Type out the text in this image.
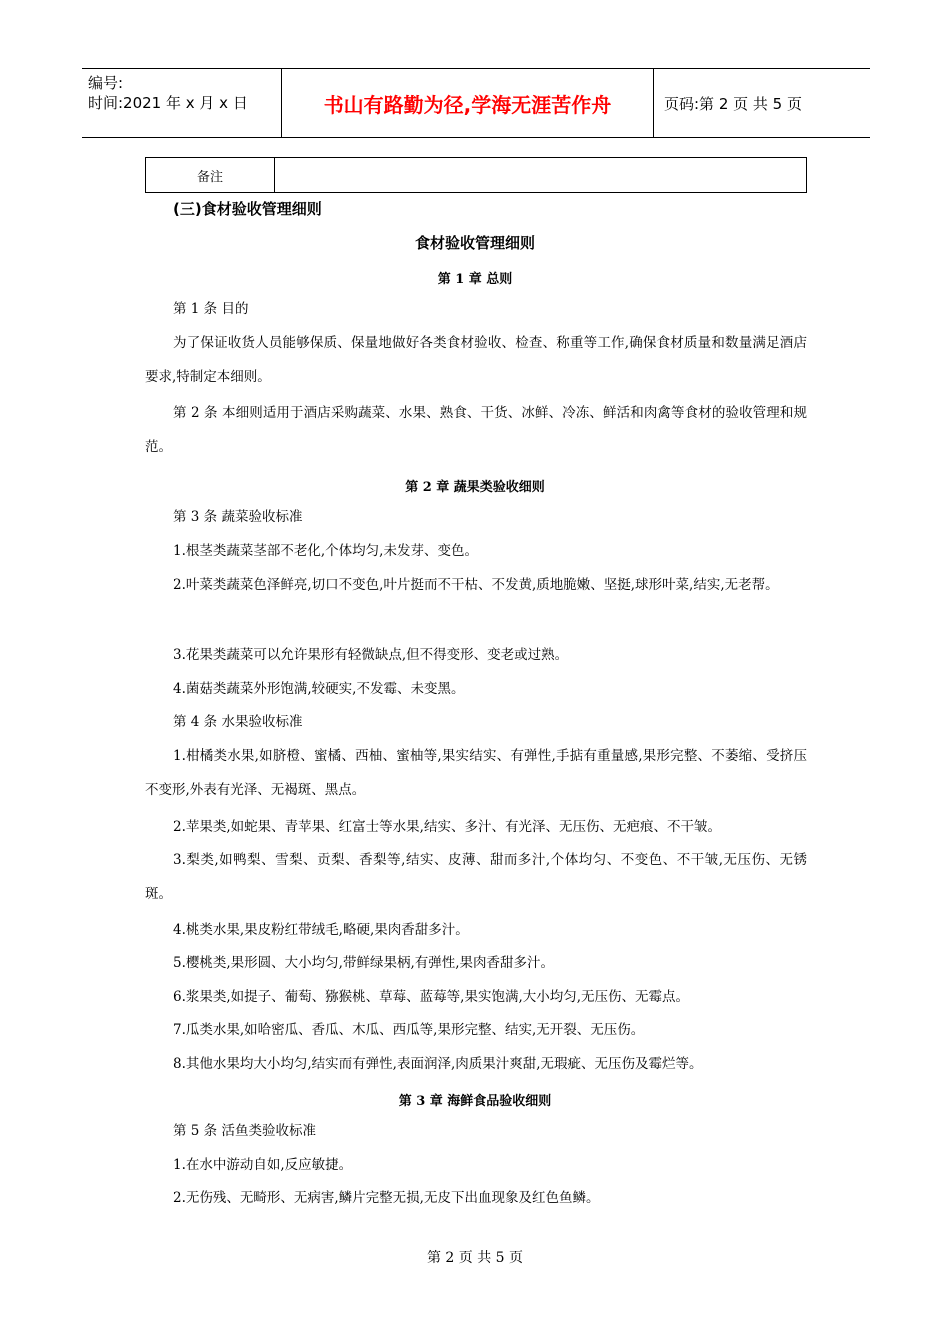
编号:
时间:2021 年 x 月 x 日	书山有路勤为径,学海无涯苦作舟	页码:第 2 页 共 5 页
备注
(三)食材验收管理细则
食材验收管理细则
第 1 章 总则
第 1 条 目的
为了保证收货人员能够保质、保量地做好各类食材验收、检查、称重等工作,确保食材质量和数量满足酒店要求,特制定本细则。
第 2 条 本细则适用于酒店采购蔬菜、水果、熟食、干货、冰鲜、冷冻、鲜活和肉禽等食材的验收管理和规范。
第 2 章 蔬果类验收细则
第 3 条 蔬菜验收标准
1.根茎类蔬菜茎部不老化,个体均匀,未发芽、变色。
2.叶菜类蔬菜色泽鲜亮,切口不变色,叶片挺而不干枯、不发黄,质地脆嫩、坚挺,球形叶菜,结实,无老帮。
3.花果类蔬菜可以允许果形有轻微缺点,但不得变形、变老或过熟。
4.菌菇类蔬菜外形饱满,较硬实,不发霉、未变黑。
第 4 条 水果验收标准
1.柑橘类水果,如脐橙、蜜橘、西柚、蜜柚等,果实结实、有弹性,手掂有重量感,果形完整、不萎缩、受挤压不变形,外表有光泽、无褐斑、黑点。
2.苹果类,如蛇果、青苹果、红富士等水果,结实、多汁、有光泽、无压伤、无疤痕、不干皱。
3.梨类,如鸭梨、雪梨、贡梨、香梨等,结实、皮薄、甜而多汁,个体均匀、不变色、不干皱,无压伤、无锈斑。
4.桃类水果,果皮粉红带绒毛,略硬,果肉香甜多汁。
5.樱桃类,果形圆、大小均匀,带鲜绿果柄,有弹性,果肉香甜多汁。
6.浆果类,如提子、葡萄、猕猴桃、草莓、蓝莓等,果实饱满,大小均匀,无压伤、无霉点。
7.瓜类水果,如哈密瓜、香瓜、木瓜、西瓜等,果形完整、结实,无开裂、无压伤。
8.其他水果均大小均匀,结实而有弹性,表面润泽,肉质果汁爽甜,无瑕疵、无压伤及霉烂等。
第 3 章 海鲜食品验收细则
第 5 条 活鱼类验收标准
1.在水中游动自如,反应敏捷。
2.无伤残、无畸形、无病害,鳞片完整无损,无皮下出血现象及红色鱼鳞。
第 2 页 共 5 页
